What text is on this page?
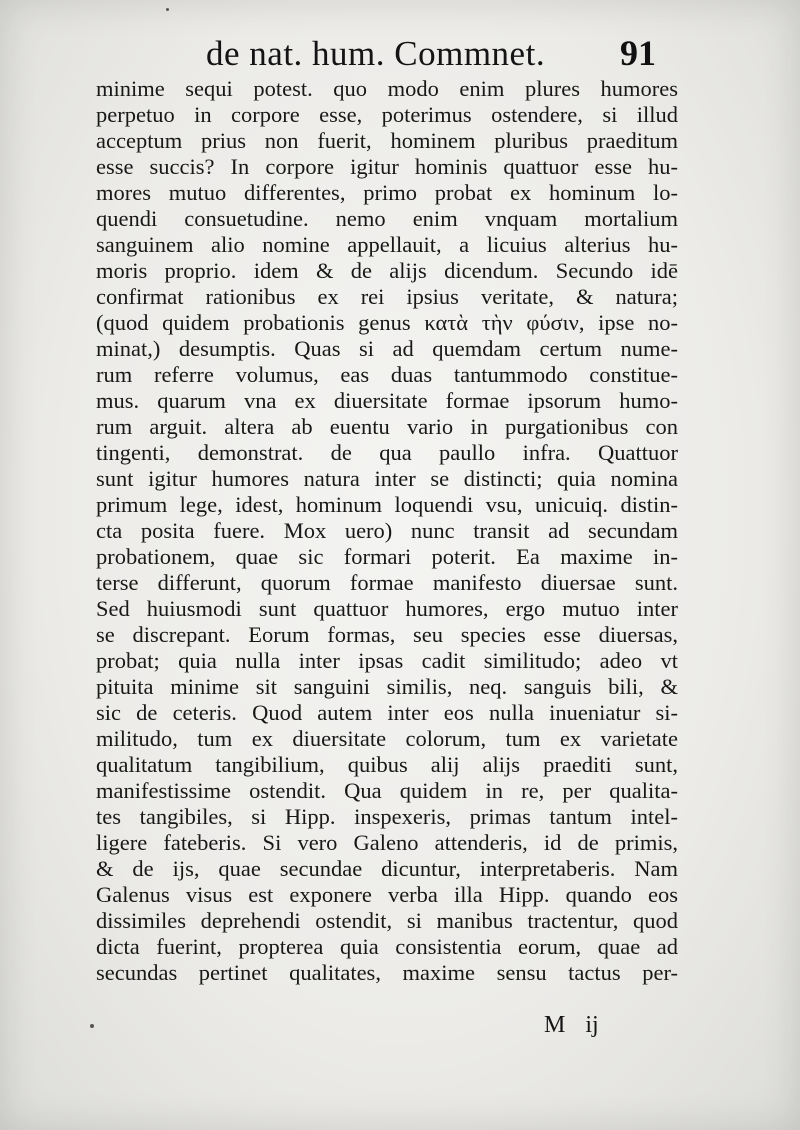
de nat. hum. Commnet. 91
minime sequi potest. quo modo enim plures humores
perpetuo in corpore esse, poterimus ostendere, si illud
acceptum prius non fuerit, hominem pluribus praeditum
esse succis? In corpore igitur hominis quattuor esse hu-
mores mutuo differentes, primo probat ex hominum lo-
quendi consuetudine. nemo enim vnquam mortalium
sanguinem alio nomine appellauit, a licuius alterius hu-
moris proprio. idem & de alijs dicendum. Secundo idē
confirmat rationibus ex rei ipsius veritate, & natura;
(quod quidem probationis genus κατὰ τὴν φύσιν, ipse no-
minat,) desumptis. Quas si ad quemdam certum nume-
rum referre volumus, eas duas tantummodo constitue-
mus. quarum vna ex diuersitate formae ipsorum humo-
rum arguit. altera ab euentu vario in purgationibus con
tingenti, demonstrat. de qua paullo infra. Quattuor
sunt igitur humores natura inter se distincti; quia nomina
primum lege, idest, hominum loquendi vsu, unicuiq. distin-
cta posita fuere. Mox uero) nunc transit ad secundam
probationem, quae sic formari poterit. Ea maxime in-
terse differunt, quorum formae manifesto diuersae sunt.
Sed huiusmodi sunt quattuor humores, ergo mutuo inter
se discrepant. Eorum formas, seu species esse diuersas,
probat; quia nulla inter ipsas cadit similitudo; adeo vt
pituita minime sit sanguini similis, neq. sanguis bili, &
sic de ceteris. Quod autem inter eos nulla inueniatur si-
militudo, tum ex diuersitate colorum, tum ex varietate
qualitatum tangibilium, quibus alij alijs praediti sunt,
manifestissime ostendit. Qua quidem in re, per qualita-
tes tangibiles, si Hipp. inspexeris, primas tantum intel-
ligere fateberis. Si vero Galeno attenderis, id de primis,
& de ijs, quae secundae dicuntur, interpretaberis. Nam
Galenus visus est exponere verba illa Hipp. quando eos
dissimiles deprehendi ostendit, si manibus tractentur, quod
dicta fuerint, propterea quia consistentia eorum, quae ad
secundas pertinet qualitates, maxime sensu tactus per-
M ij
